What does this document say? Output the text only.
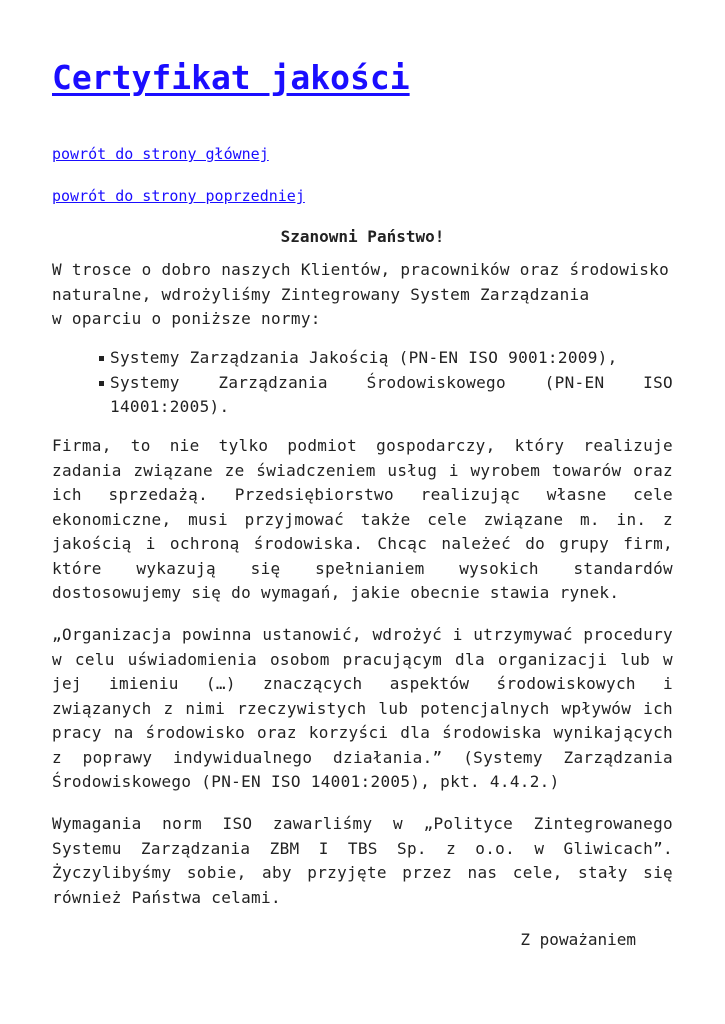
Certyfikat jakości
powrót do strony głównej
powrót do strony poprzedniej
Szanowni Państwo!

W trosce o dobro naszych Klientów, pracowników oraz środowisko
naturalne, wdrożyliśmy Zintegrowany System Zarządzania
w oparciu o poniższe normy:

Systemy Zarządzania Jakością (PN-EN ISO 9001:2009),
Systemy Zarządzania Środowiskowego (PN-EN ISO 14001:2005).

Firma, to nie tylko podmiot gospodarczy, który realizuje zadania związane ze świadczeniem usług i wyrobem towarów oraz ich sprzedażą. Przedsiębiorstwo realizując własne cele ekonomiczne, musi przyjmować także cele związane m. in. z jakością i ochroną środowiska. Chcąc należeć do grupy firm, które wykazują się spełnianiem wysokich standardów dostosowujemy się do wymagań, jakie obecnie stawia rynek.

„Organizacja powinna ustanowić, wdrożyć i utrzymywać procedury w celu uświadomienia osobom pracującym dla organizacji lub w jej imieniu (…) znaczących aspektów środowiskowych i związanych z nimi rzeczywistych lub potencjalnych wpływów ich pracy na środowisko oraz korzyści dla środowiska wynikających z poprawy indywidualnego działania.” (Systemy Zarządzania Środowiskowego (PN-EN ISO 14001:2005), pkt. 4.4.2.)

Wymagania norm ISO zawarliśmy w „Polityce Zintegrowanego Systemu Zarządzania ZBM I TBS Sp. z o.o. w Gliwicach”. Życzylibyśmy sobie, aby przyjęte przez nas cele, stały się również Państwa celami.

Z poważaniem
